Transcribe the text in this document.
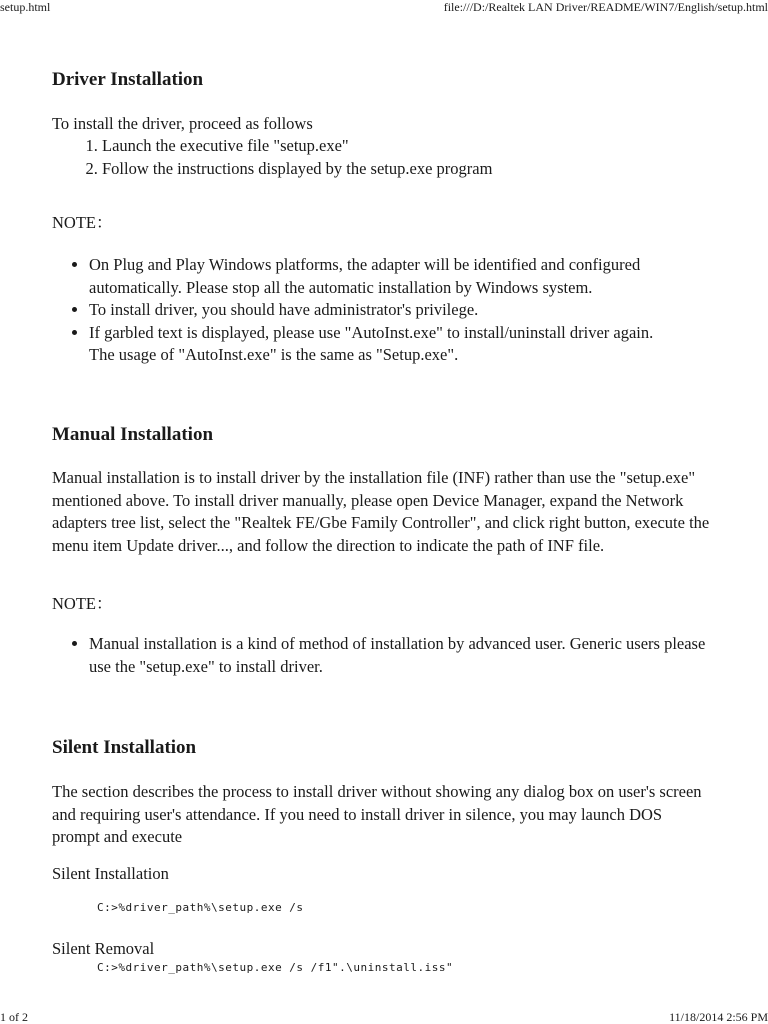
setup.html	file:///D:/Realtek LAN Driver/README/WIN7/English/setup.html
1 of 2	11/18/2014 2:56 PM
Driver Installation

To install the driver, proceed as follows

1. Launch the executive file "setup.exe"
2. Follow the instructions displayed by the setup.exe program

NOTE：

• On Plug and Play Windows platforms, the adapter will be identified and configured
automatically. Please stop all the automatic installation by Windows system.
• To install driver, you should have administrator's privilege.
• If garbled text is displayed, please use "AutoInst.exe" to install/uninstall driver again.
The usage of "AutoInst.exe" is the same as "Setup.exe".
Manual Installation

Manual installation is to install driver by the installation file (INF) rather than use the "setup.exe"
mentioned above. To install driver manually, please open Device Manager, expand the Network
adapters tree list, select the "Realtek FE/Gbe Family Controller", and click right button, execute the
menu item Update driver..., and follow the direction to indicate the path of INF file.

NOTE：

• Manual installation is a kind of method of installation by advanced user. Generic users please
use the "setup.exe" to install driver.
Silent Installation

The section describes the process to install driver without showing any dialog box on user's screen
and requiring user's attendance. If you need to install driver in silence, you may launch DOS
prompt and execute

Silent Installation

C:>%driver_path%\setup.exe /s

Silent Removal

C:>%driver_path%\setup.exe /s /f1".\uninstall.iss"
